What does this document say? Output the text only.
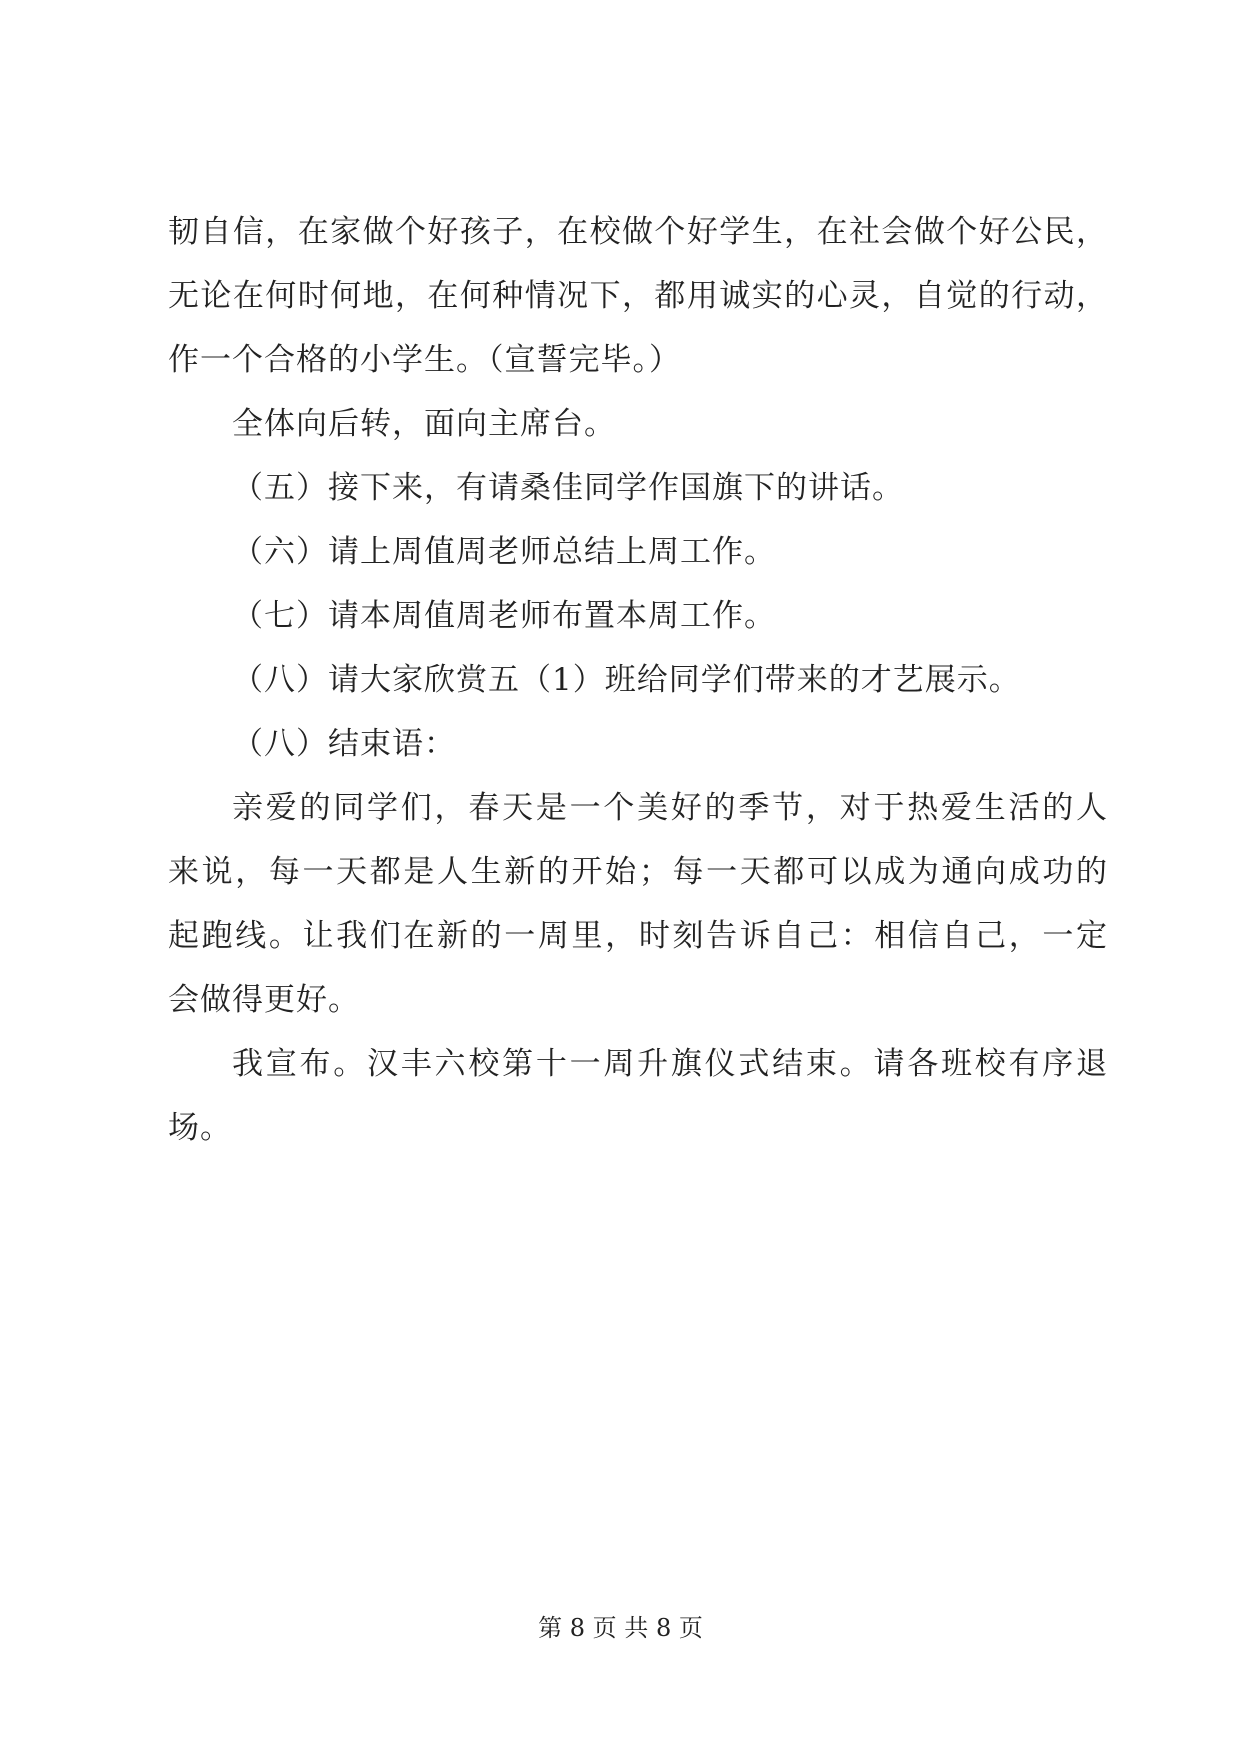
韧自信，在家做个好孩子，在校做个好学生，在社会做个好公民，
无论在何时何地，在何种情况下，都用诚实的心灵，自觉的行动，
作一个合格的小学生。（宣誓完毕。）
全体向后转，面向主席台。
（五）接下来，有请桑佳同学作国旗下的讲话。
（六）请上周值周老师总结上周工作。
（七）请本周值周老师布置本周工作。
（八）请大家欣赏五（1）班给同学们带来的才艺展示。
（八）结束语：
亲爱的同学们，春天是一个美好的季节，对于热爱生活的人
来说，每一天都是人生新的开始；每一天都可以成为通向成功的
起跑线。让我们在新的一周里，时刻告诉自己：相信自己，一定
会做得更好。
我宣布。汉丰六校第十一周升旗仪式结束。请各班校有序退
场。
第 8 页 共 8 页
